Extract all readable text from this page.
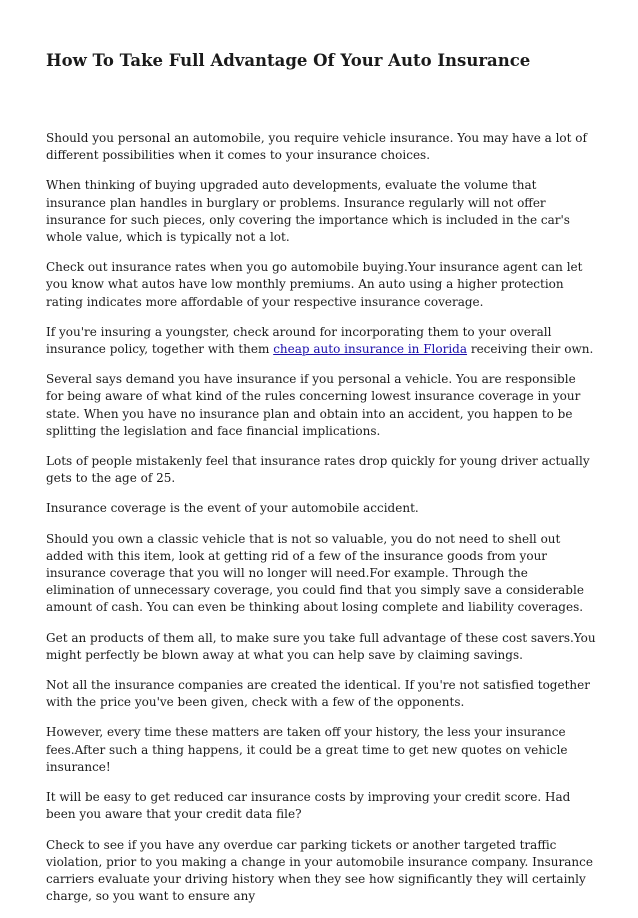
How To Take Full Advantage Of Your Auto Insurance

Should you personal an automobile, you require vehicle insurance. You may have a lot of different possibilities when it comes to your insurance choices.

When thinking of buying upgraded auto developments, evaluate the volume that insurance plan handles in burglary or problems. Insurance regularly will not offer insurance for such pieces, only covering the importance which is included in the car's whole value, which is typically not a lot.

Check out insurance rates when you go automobile buying.Your insurance agent can let you know what autos have low monthly premiums. An auto using a higher protection rating indicates more affordable of your respective insurance coverage.

If you're insuring a youngster, check around for incorporating them to your overall insurance policy, together with them cheap auto insurance in Florida receiving their own.

Several says demand you have insurance if you personal a vehicle. You are responsible for being aware of what kind of the rules concerning lowest insurance coverage in your state. When you have no insurance plan and obtain into an accident, you happen to be splitting the legislation and face financial implications.

Lots of people mistakenly feel that insurance rates drop quickly for young driver actually gets to the age of 25.

Insurance coverage is the event of your automobile accident.

Should you own a classic vehicle that is not so valuable, you do not need to shell out added with this item, look at getting rid of a few of the insurance goods from your insurance coverage that you will no longer will need.For example. Through the elimination of unnecessary coverage, you could find that you simply save a considerable amount of cash. You can even be thinking about losing complete and liability coverages.

Get an products of them all, to make sure you take full advantage of these cost savers.You might perfectly be blown away at what you can help save by claiming savings.

Not all the insurance companies are created the identical. If you're not satisfied together with the price you've been given, check with a few of the opponents.

However, every time these matters are taken off your history, the less your insurance fees.After such a thing happens, it could be a great time to get new quotes on vehicle insurance!

It will be easy to get reduced car insurance costs by improving your credit score. Had been you aware that your credit data file?

Check to see if you have any overdue car parking tickets or another targeted traffic violation, prior to you making a change in your automobile insurance company. Insurance carriers evaluate your driving history when they see how significantly they will certainly charge, so you want to ensure any
